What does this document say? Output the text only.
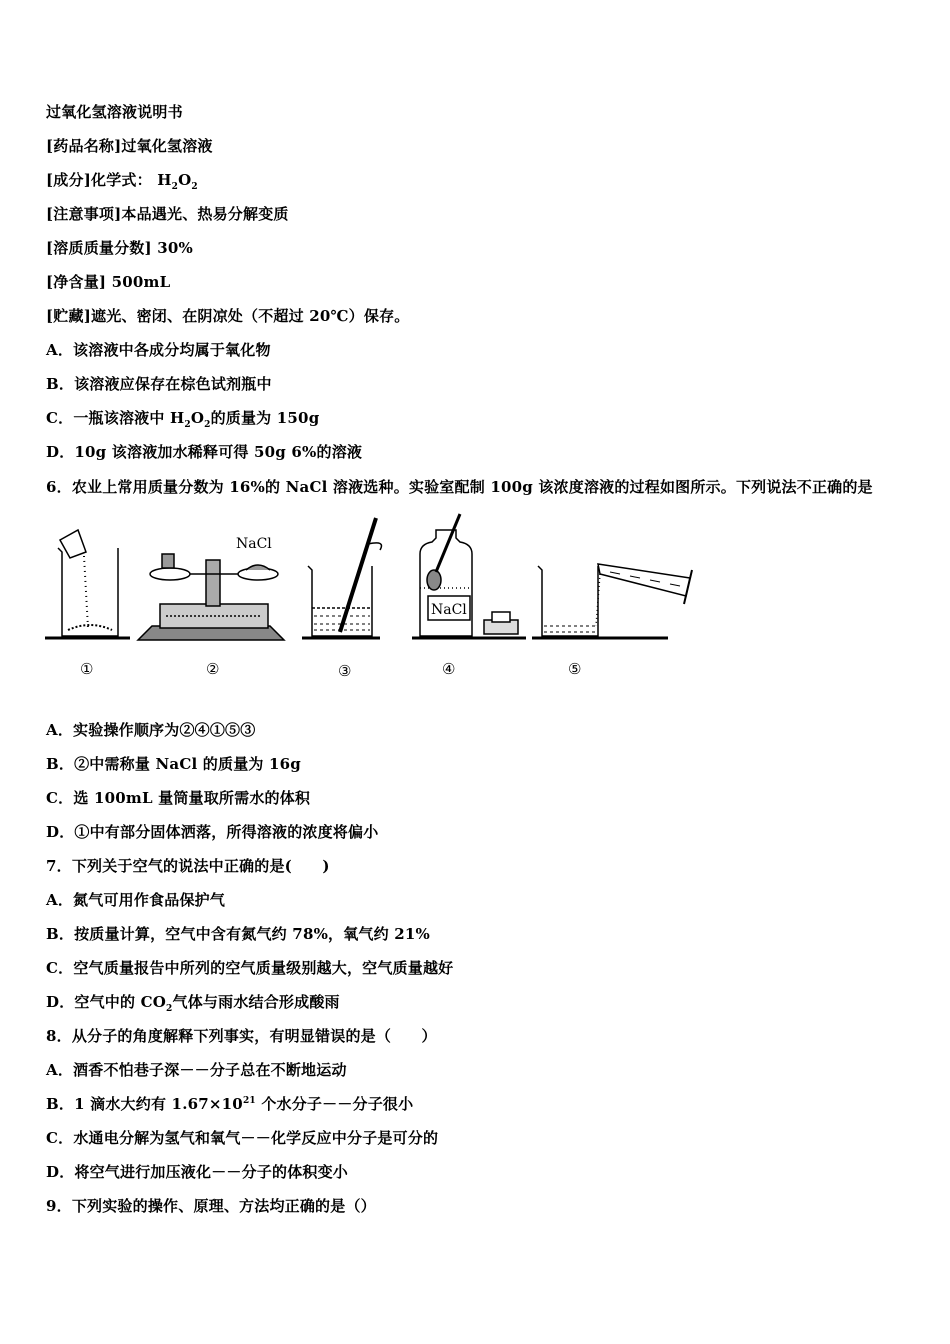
过氧化氢溶液说明书
[药品名称]过氧化氢溶液
[成分]化学式： $H_2O_2$
[注意事项]本品遇光、热易分解变质
[溶质质量分数] 30%
[净含量] 500mL
[贮藏]遮光、密闭、在阴凉处（不超过 20℃）保存。
A．该溶液中各成分均属于氧化物
B．该溶液应保存在棕色试剂瓶中
C．一瓶该溶液中 $H_2O_2$的质量为 150g
D．10g 该溶液加水稀释可得 50g 6%的溶液
6．农业上常用质量分数为 16%的 NaCl 溶液选种。实验室配制 100g 该浓度溶液的过程如图所示。下列说法不正确的是
NaCl
NaCl
①	②	③	④	⑤
A．实验操作顺序为②④①⑤③
B．②中需称量 NaCl 的质量为 16g
C．选 100mL 量筒量取所需水的体积
D．①中有部分固体洒落，所得溶液的浓度将偏小
7．下列关于空气的说法中正确的是(　　)
A．氮气可用作食品保护气
B．按质量计算，空气中含有氮气约 78%，氧气约 21%
C．空气质量报告中所列的空气质量级别越大，空气质量越好
D．空气中的 $CO_2$气体与雨水结合形成酸雨
8．从分子的角度解释下列事实，有明显错误的是（　　）
A．酒香不怕巷子深－－分子总在不断地运动
B．1 滴水大约有 $1.67\times 10^{21}$ 个水分子－－分子很小
C．水通电分解为氢气和氧气－－化学反应中分子是可分的
D．将空气进行加压液化－－分子的体积变小
9．下列实验的操作、原理、方法均正确的是（）
